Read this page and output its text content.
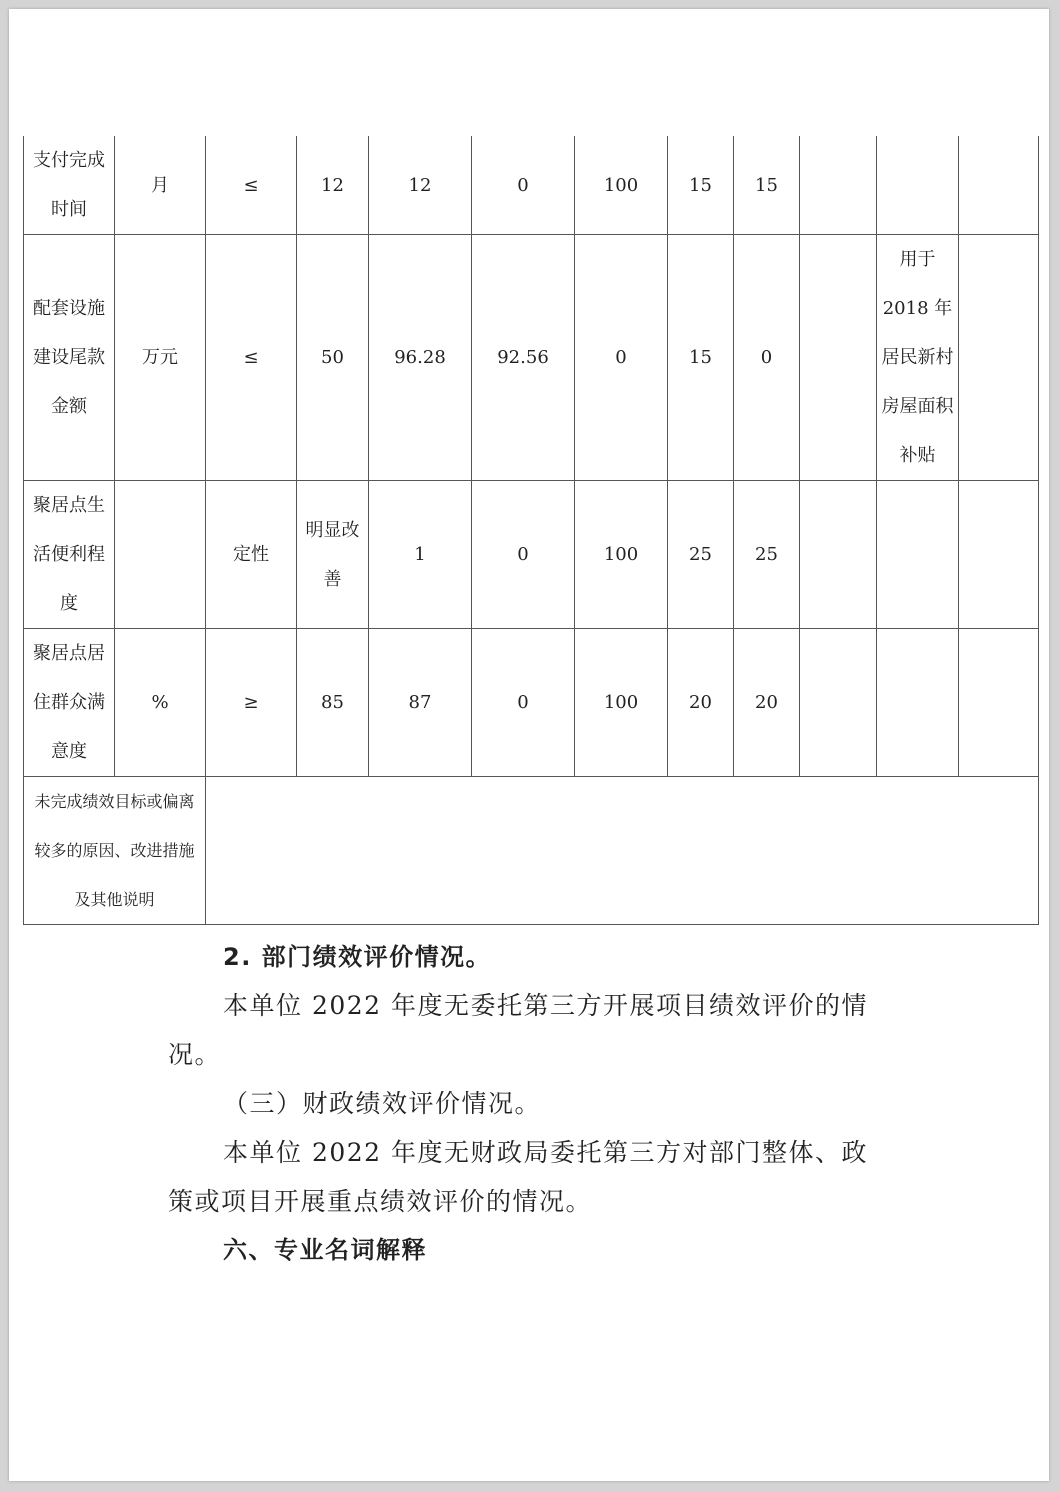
支付完成
时间	月	≤	12	12	0	100	15	15			
配套设施
建设尾款
金额	万元	≤	50	96.28	92.56	0	15	0		用于
2018 年
居民新村
房屋面积
补贴	
聚居点生
活便利程
度		定性	明显改
善	1	0	100	25	25			
聚居点居
住群众满
意度	%	≥	85	87	0	100	20	20			
未完成绩效目标或偏离
较多的原因、改进措施
及其他说明											

2. 部门绩效评价情况。

本单位 2022 年度无委托第三方开展项目绩效评价的情

况。

（三）财政绩效评价情况。

本单位 2022 年度无财政局委托第三方对部门整体、政

策或项目开展重点绩效评价的情况。

六、专业名词解释
